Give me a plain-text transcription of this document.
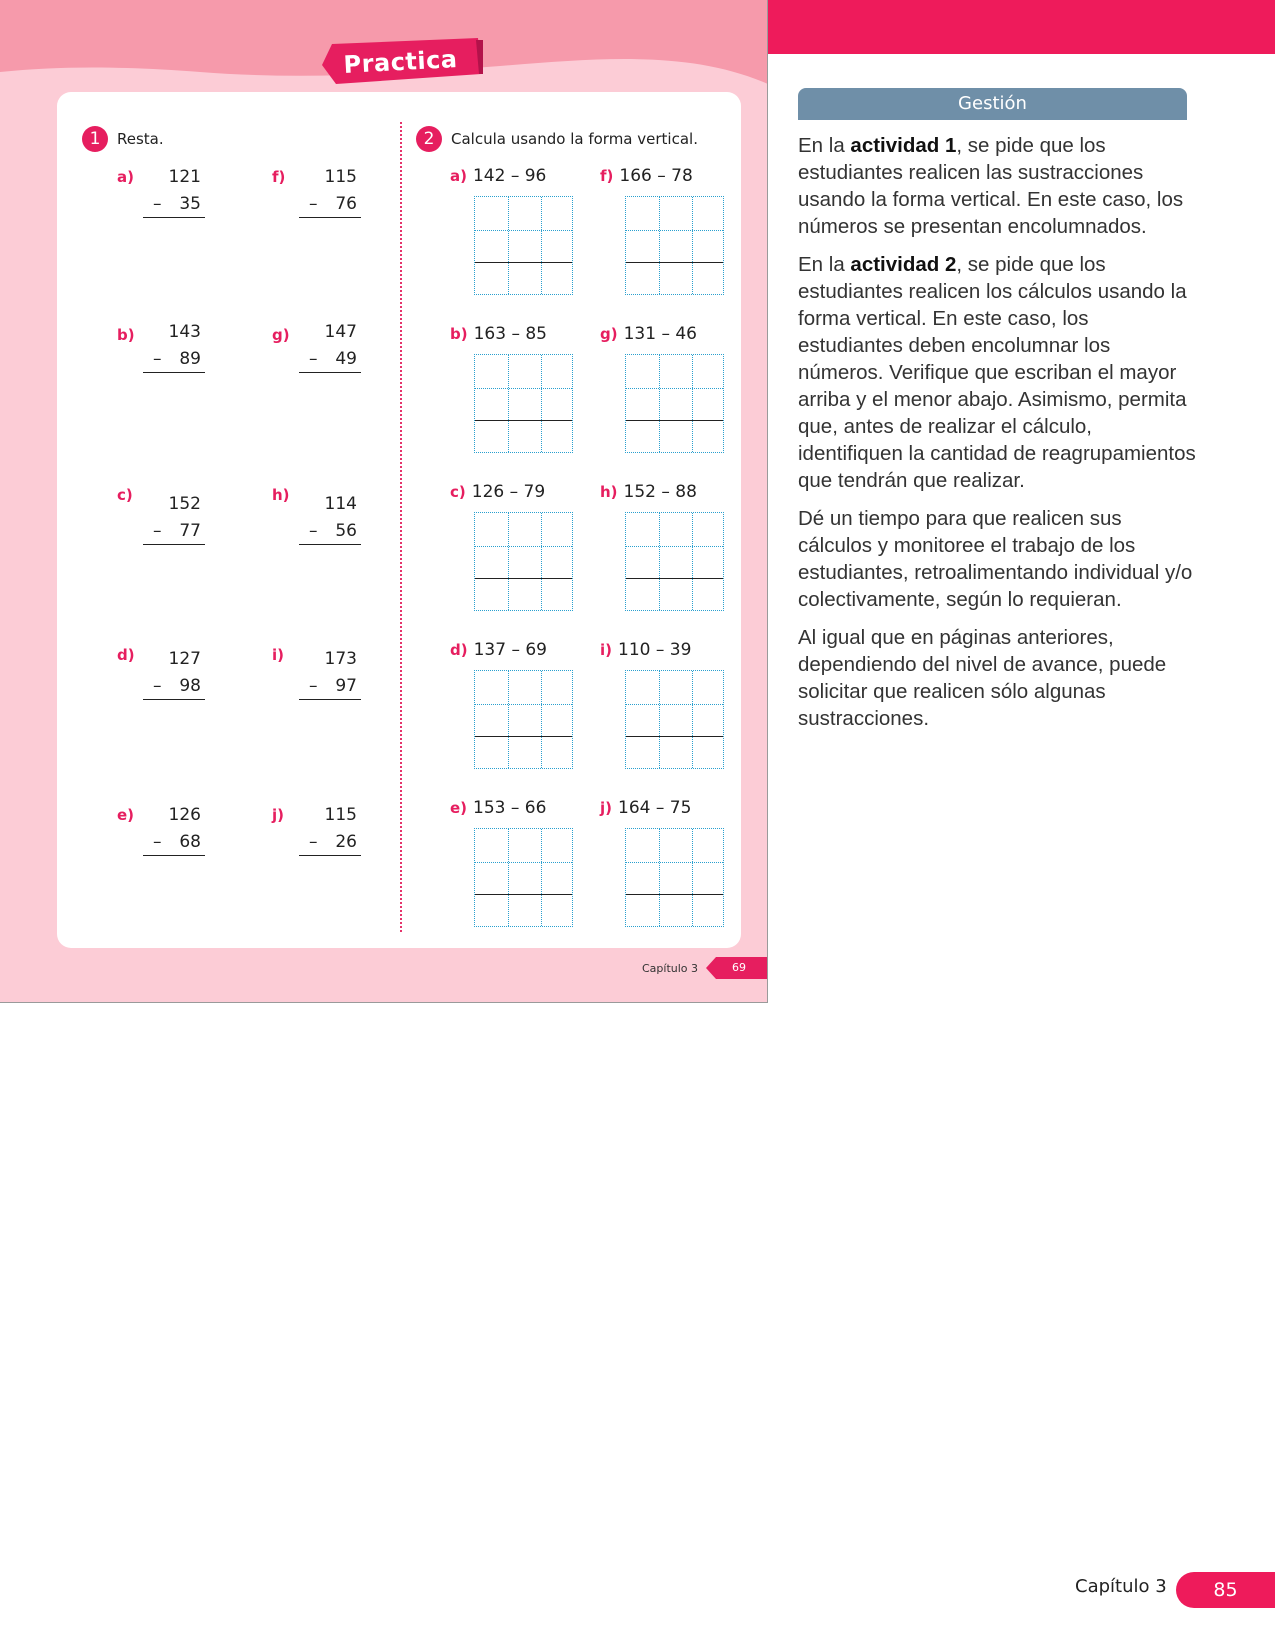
Practica
1	Resta.
a)	121
– 35
b)	143
– 89
c)	152
– 77
d)	127
– 98
e)	126
– 68
f)	115
– 76
g)	147
– 49
h)	114
– 56
i)	173
– 97
j)	115
– 26
2	Calcula usando la forma vertical.
a) 142 – 96
b) 163 – 85
c) 126 – 79
d) 137 – 69
e) 153 – 66
f) 166 – 78
g) 131 – 46
h) 152 – 88
i) 110 – 39
j) 164 – 75
Capítulo 3	69
Gestión

En la actividad 1, se pide que los estudiantes realicen las sustracciones usando la forma vertical. En este caso, los números se presentan encolumnados.

En la actividad 2, se pide que los estudiantes realicen los cálculos usando la forma vertical. En este caso, los estudiantes deben encolumnar los números. Verifique que escriban el mayor arriba y el menor abajo. Asimismo, permita que, antes de realizar el cálculo, identifiquen la cantidad de reagrupamientos que tendrán que realizar.

Dé un tiempo para que realicen sus cálculos y monitoree el trabajo de los estudiantes, retroalimentando individual y/o colectivamente, según lo requieran.

Al igual que en páginas anteriores, dependiendo del nivel de avance, puede solicitar que realicen sólo algunas sustracciones.

Capítulo 3	85
